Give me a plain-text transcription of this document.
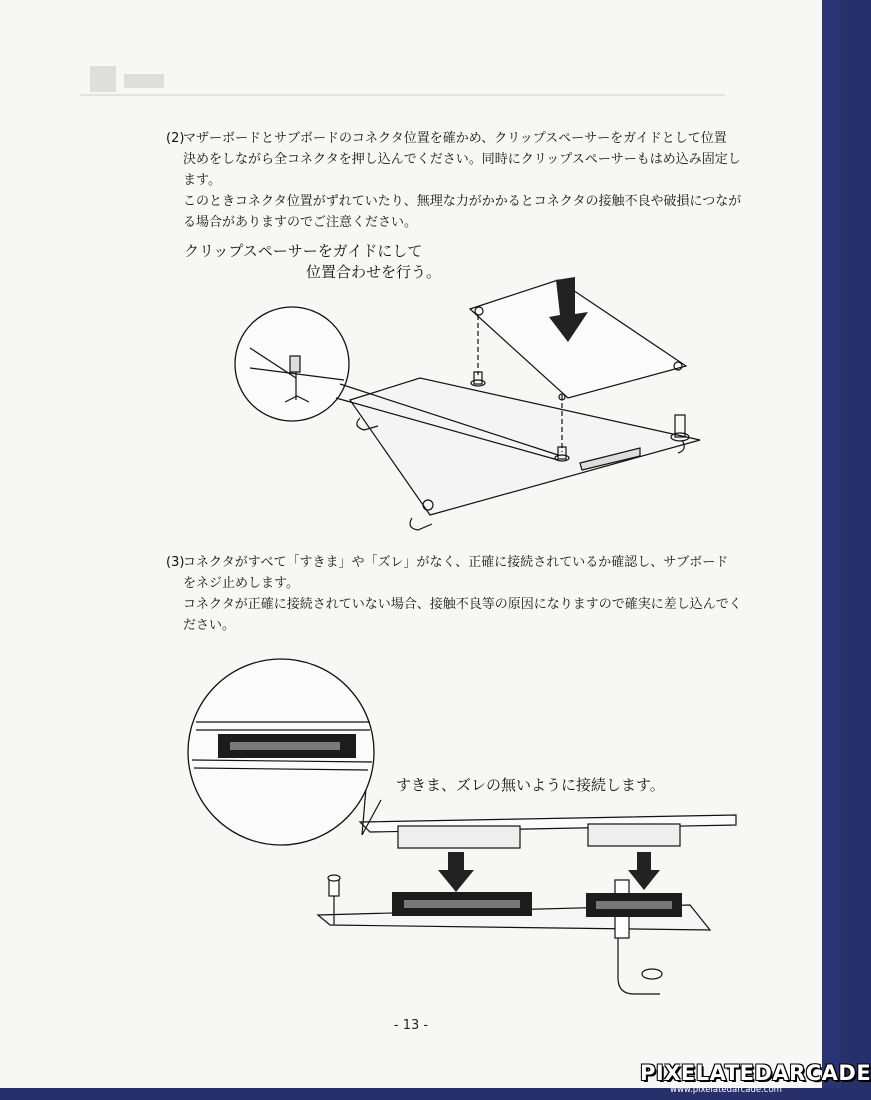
(2)
マザーボードとサブボードのコネクタ位置を確かめ、クリップスペーサーをガイドとして位置
決めをしながら全コネクタを押し込んでください。同時にクリップスペーサーもはめ込み固定し
ます。
このときコネクタ位置がずれていたり、無理な力がかかるとコネクタの接触不良や破損につなが
る場合がありますのでご注意ください。
クリップスペーサーをガイドにして
位置合わせを行う。
(3)
コネクタがすべて「すきま」や「ズレ」がなく、正確に接続されているか確認し、サブボード
をネジ止めします。
コネクタが正確に接続されていない場合、接触不良等の原因になりますので確実に差し込んでく
ださい。
すきま、ズレの無いように接続します。
- 13 -
PIXELATEDARCADE
www.pixelatedarcade.com
